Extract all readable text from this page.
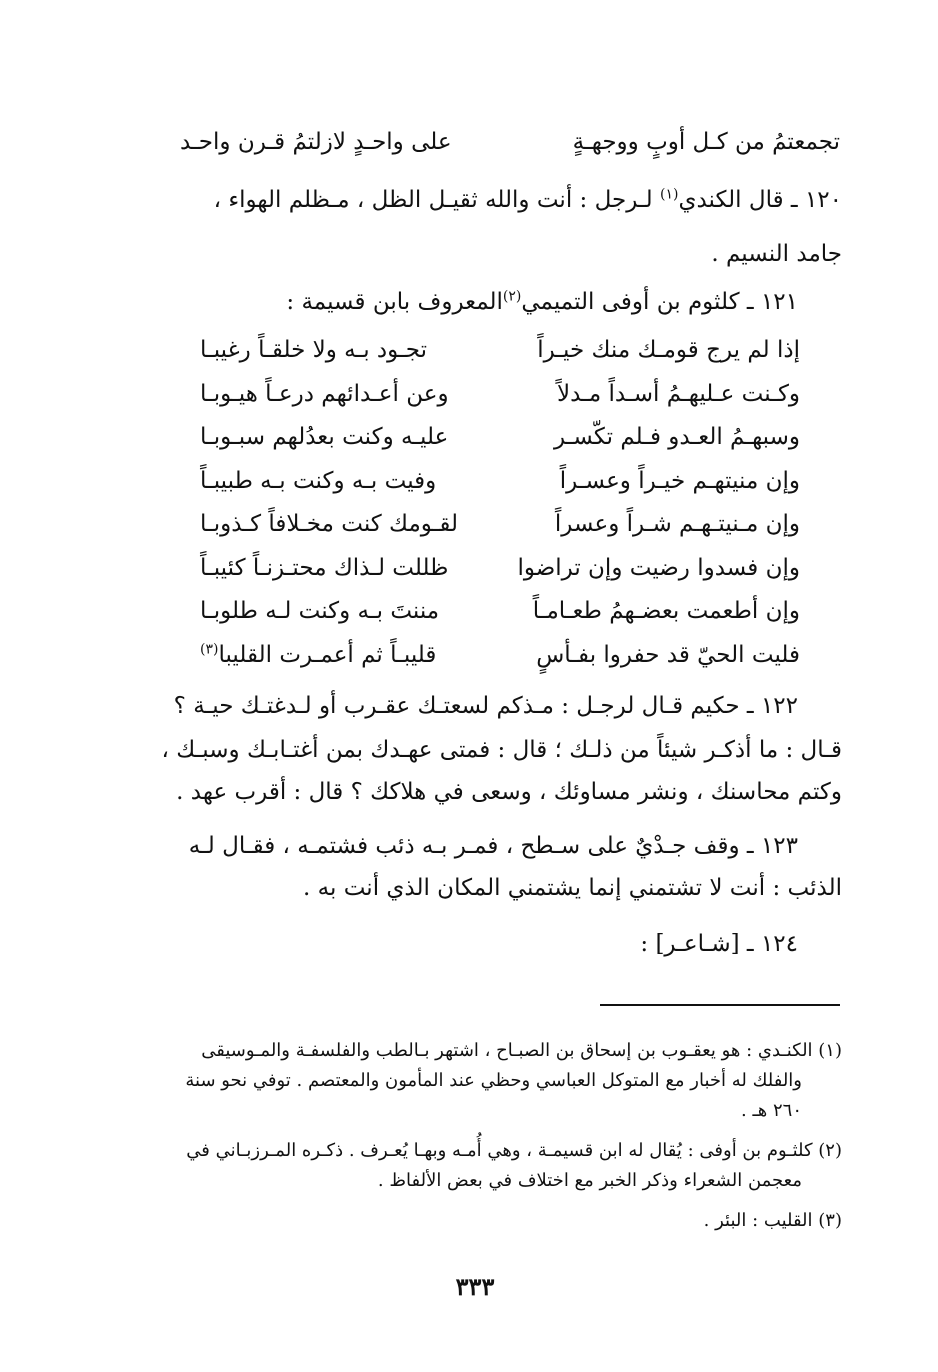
تجمعتمُ من كـل أوبٍ ووجهـةٍ
على واحـدٍ لازلتمُ قـرن واحـد
١٢٠ ـ قال الكندي$^{(١)}$ لـرجل : أنت والله ثقيـل الظل ، مـظلم الهواء ،
جامد النسيم .
١٢١ ـ كلثوم بن أوفى التميمي$^{(٢)}$المعروف بابن قسيمة :
إذا لم يرج قومـك منك خيـراً
تجـود بـه ولا خلقـاً رغيبـا
وكـنت عـليهـمُ أسـداً مـدلاً
وعن أعـدائهم درعـاً هيـوبـا
وسبهـمُ العـدو فـلم تكّسـر
عليـه وكنت بعدُلهم سبـوبـا
وإن منيتهـم خيـراً وعسـراً
وفيت بـه وكنت بـه طبيبـاً
وإن مـنيتـهـم شـراً وعسراً
لقـومك كنت مخـلافاً كـذوبـا
وإن فسدوا رضيت وإن تراضوا
ظللت لـذاك محتـزنـاً كئيبـاً
وإن أطعمت بعضـهمُ طعـامـاً
مننتَ بـه وكنت لـه طلوبـا
فليت الحيّ قد حفروا بفـأسٍ
قليبـاً ثم أعمـرت القليبا$^{(٣)}$
١٢٢ ـ حكيم قـال لرجـل : مـذكم لسعتـك عقـرب أو لـدغتـك حيـة ؟
قـال : ما أذكـر شيئاً من ذلـك ؛ قال : فمتى عهـدك بمن أغتـابـك وسبـك ،
وكتم محاسنك ، ونشر مساوئك ، وسعى في هلاكك ؟ قال : أقرب عهد .
١٢٣ ـ وقف جـدْيٌ على سـطح ، فمـر بـه ذئب فشتمـه ، فقـال لـه
الذئب : أنت لا تشتمني إنما يشتمني المكان الذي أنت به .
١٢٤ ـ [شـاعـر] :
(١) الكنـدي : هو يعقـوب بن إسحاق بن الصبـاح ، اشتهر بـالطب والفلسفـة والمـوسيقى
والفلك له أخبار مع المتوكل العباسي وحظي عند المأمون والمعتصم . توفي نحو سنة
٢٦٠ هـ .
(٢) كلثـوم بن أوفى : يُقال له ابن قسيمـة ، وهي أُمـه وبهـا يُعـرف . ذكـره المـرزبـاني في
معجمن الشعراء وذكر الخبر مع اختلاف في بعض الألفاظ .
(٣) القليب : البئر .
٣٣٣
